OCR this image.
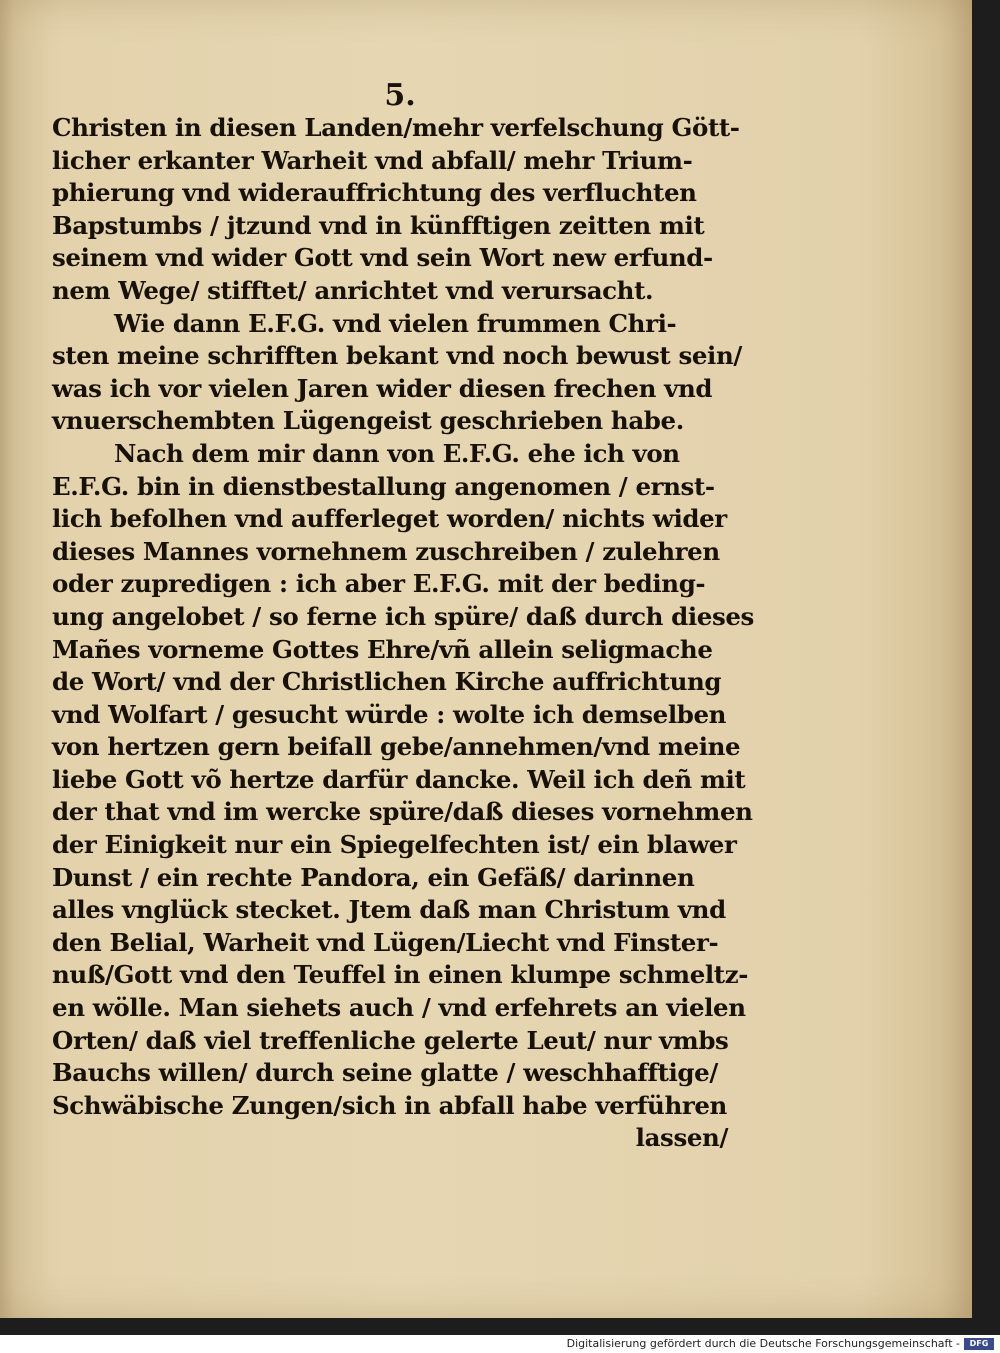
5.
Christen in diesen Landen/mehr verfelschung Gött-
licher erkanter Warheit vnd abfall/ mehr Trium-
phierung vnd widerauffrichtung des verfluchten
Bapstumbs / jtzund vnd in künfftigen zeitten mit
seinem vnd wider Gott vnd sein Wort new erfund-
nem Wege/ stifftet/ anrichtet vnd verursacht.
Wie dann E.F.G. vnd vielen frummen Chri-
sten meine schrifften bekant vnd noch bewust sein/
was ich vor vielen Jaren wider diesen frechen vnd
vnuerschembten Lügengeist geschrieben habe.
Nach dem mir dann von E.F.G. ehe ich von
E.F.G. bin in dienstbestallung angenomen / ernst-
lich befolhen vnd aufferleget worden/ nichts wider
dieses Mannes vornehnem zuschreiben / zulehren
oder zupredigen : ich aber E.F.G. mit der beding-
ung angelobet / so ferne ich spüre/ daß durch dieses
Mañes vorneme Gottes Ehre/vñ allein seligmache
de Wort/ vnd der Christlichen Kirche auffrichtung
vnd Wolfart / gesucht würde : wolte ich demselben
von hertzen gern beifall gebe/annehmen/vnd meine
liebe Gott võ hertze darfür dancke. Weil ich deñ mit
der that vnd im wercke spüre/daß dieses vornehmen
der Einigkeit nur ein Spiegelfechten ist/ ein blawer
Dunst / ein rechte Pandora, ein Gefäß/ darinnen
alles vnglück stecket. Jtem daß man Christum vnd
den Belial, Warheit vnd Lügen/Liecht vnd Finster-
nuß/Gott vnd den Teuffel in einen klumpe schmeltz-
en wölle. Man siehets auch / vnd erfehrets an vielen
Orten/ daß viel treffenliche gelerte Leut/ nur vmbs
Bauchs willen/ durch seine glatte / weschhafftige/
Schwäbische Zungen/sich in abfall habe verführen
lassen/
Digitalisierung gefördert durch die Deutsche Forschungsgemeinschaft -	DFG
